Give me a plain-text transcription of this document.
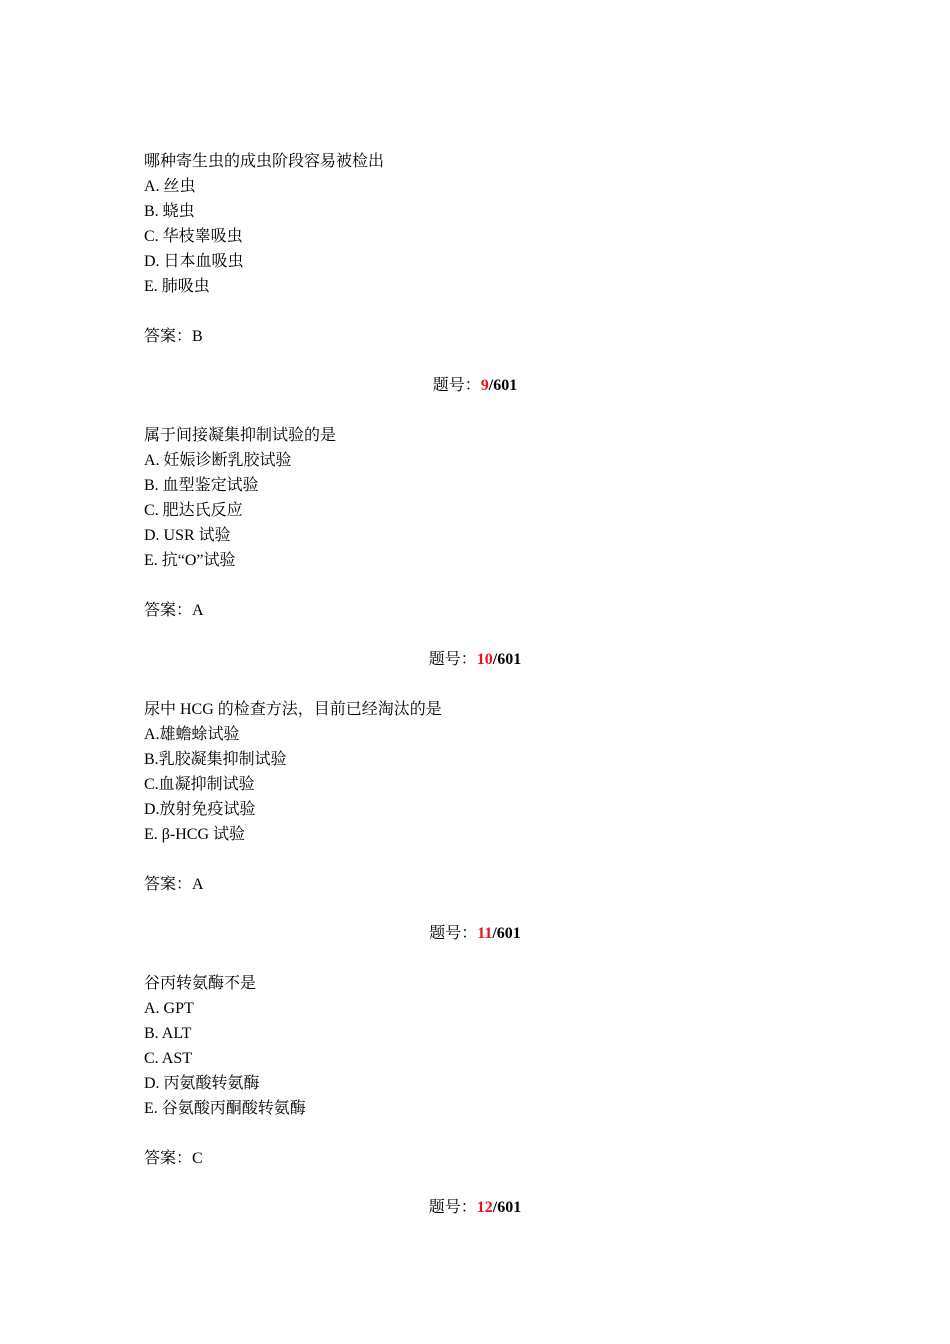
哪种寄生虫的成虫阶段容易被检出
A. 丝虫
B. 蛲虫
C. 华枝睾吸虫
D. 日本血吸虫
E. 肺吸虫
答案：B
题号：9/601
属于间接凝集抑制试验的是
A. 妊娠诊断乳胶试验
B. 血型鉴定试验
C. 肥达氏反应
D. USR 试验
E. 抗“O”试验
答案：A
题号：10/601
尿中 HCG 的检查方法，目前已经淘汰的是
A.雄蟾蜍试验
B.乳胶凝集抑制试验
C.血凝抑制试验
D.放射免疫试验
E. β-HCG 试验
答案：A
题号：11/601
谷丙转氨酶不是
A. GPT
B. ALT
C. AST
D. 丙氨酸转氨酶
E. 谷氨酸丙酮酸转氨酶
答案：C
题号：12/601
